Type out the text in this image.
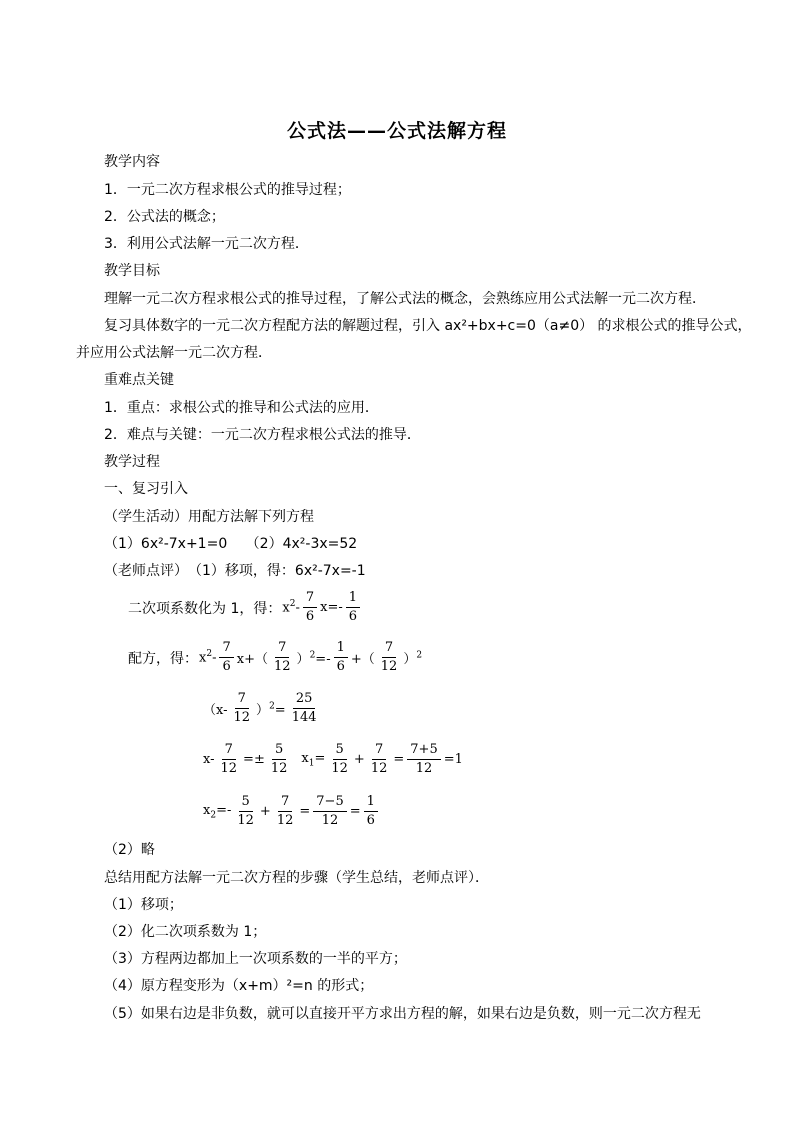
公式法——公式法解方程
教学内容
1．一元二次方程求根公式的推导过程；
2．公式法的概念；
3．利用公式法解一元二次方程．
教学目标
理解一元二次方程求根公式的推导过程，了解公式法的概念，会熟练应用公式法解一元二次方程．
复习具体数字的一元二次方程配方法的解题过程，引入 ax²+bx+c=0（a≠0） 的求根公式的推导公式，
并应用公式法解一元二次方程．
重难点关键
1．重点：求根公式的推导和公式法的应用．
2．难点与关键：一元二次方程求根公式法的推导．
教学过程
一、复习引入
（学生活动）用配方法解下列方程
（1）6x²-7x+1=0　 （2）4x²-3x=52
（老师点评）　（1）移项，得：6x²-7x=-1
二次项系数化为 1，得： $x^2- \frac{7}{6} x=- \frac{1}{6}$
配方，得： $x^2- \frac{7}{6} x+( \frac{7}{12} )^2=- \frac{1}{6}$ +（ $\frac{7}{12} )^2$
$(x- \frac{7}{12} )^2= \frac{25}{144}$
$x- \frac{7}{12} =\pm \frac{5}{12} x_1= \frac{5}{12} + \frac{7}{12} = \frac{7+5}{12} =1$
$x_2=- \frac{5}{12} + \frac{7}{12} = \frac{7-5}{12} = \frac{1}{6}$
（2）略
总结用配方法解一元二次方程的步骤（学生总结，老师点评）．
（1）移项；
（2）化二次项系数为 1；
（3）方程两边都加上一次项系数的一半的平方；
（4）原方程变形为（x+m）²=n 的形式；
（5）如果右边是非负数，就可以直接开平方求出方程的解，如果右边是负数，则一元二次方程无
